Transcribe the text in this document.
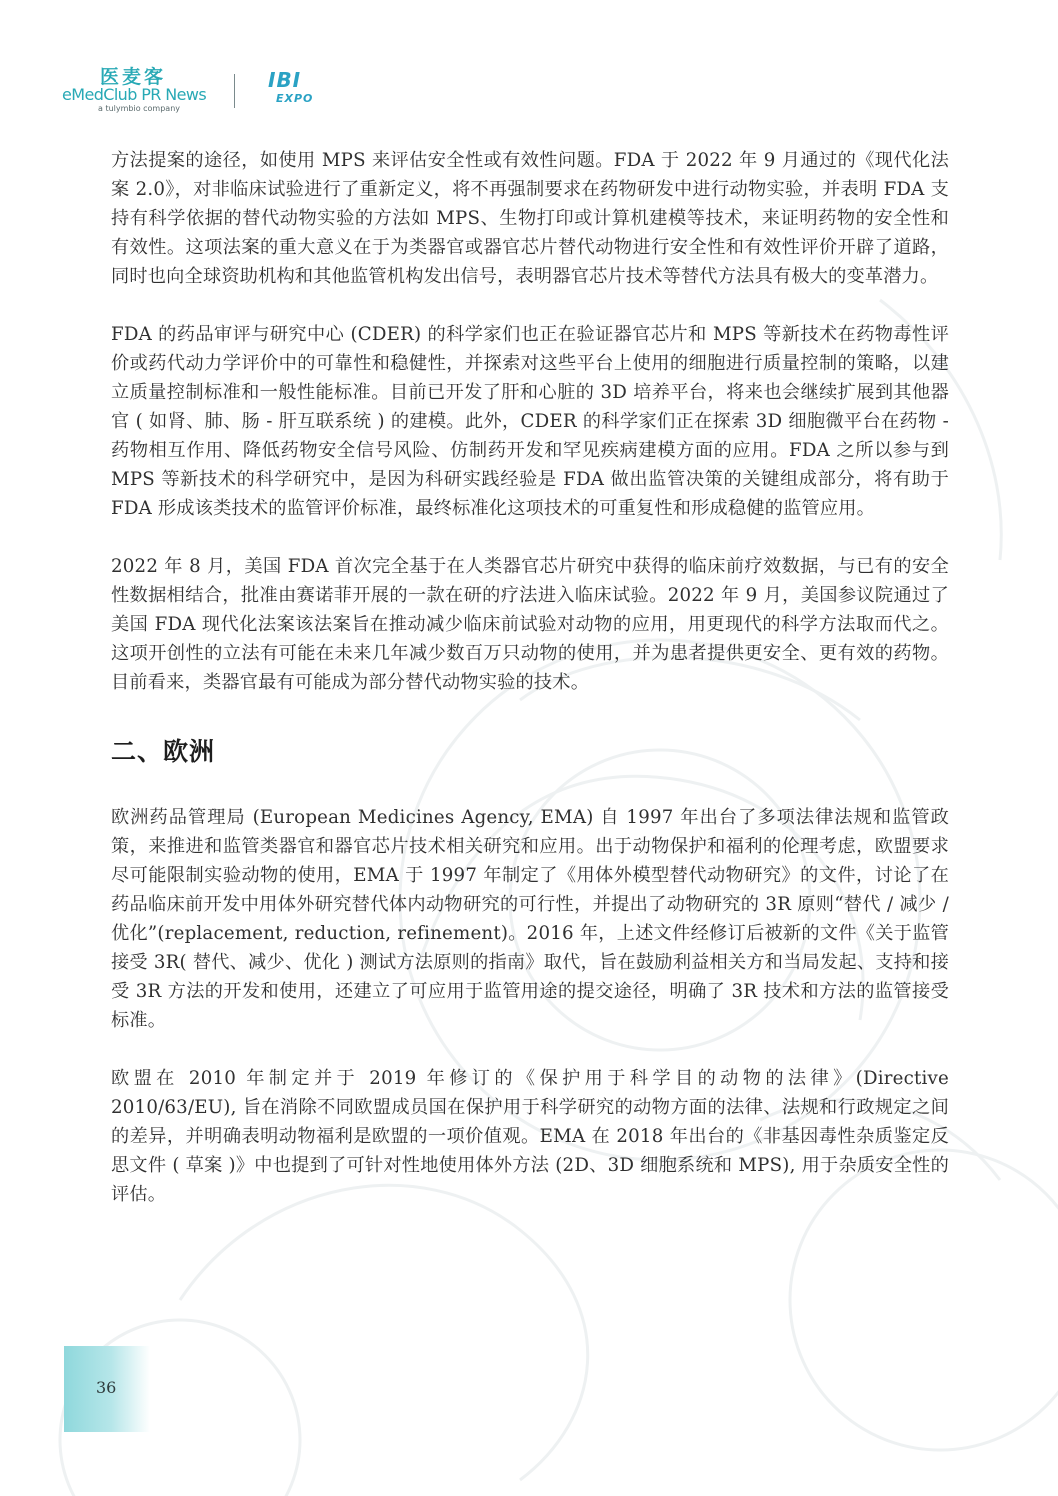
医麦客
eMedClub PR News
a tulymbio company
IBI
EXPO

方法提案的途径，如使用 MPS 来评估安全性或有效性问题。FDA 于 2022 年 9 月通过的《现代化法案 2.0》，对非临床试验进行了重新定义，将不再强制要求在药物研发中进行动物实验，并表明 FDA 支持有科学依据的替代动物实验的方法如 MPS、生物打印或计算机建模等技术，来证明药物的安全性和有效性。这项法案的重大意义在于为类器官或器官芯片替代动物进行安全性和有效性评价开辟了道路，同时也向全球资助机构和其他监管机构发出信号，表明器官芯片技术等替代方法具有极大的变革潜力。

FDA 的药品审评与研究中心 (CDER) 的科学家们也正在验证器官芯片和 MPS 等新技术在药物毒性评价或药代动力学评价中的可靠性和稳健性，并探索对这些平台上使用的细胞进行质量控制的策略，以建立质量控制标准和一般性能标准。目前已开发了肝和心脏的 3D 培养平台，将来也会继续扩展到其他器官 ( 如肾、肺、肠 - 肝互联系统 ) 的建模。此外，CDER 的科学家们正在探索 3D 细胞微平台在药物 - 药物相互作用、降低药物安全信号风险、仿制药开发和罕见疾病建模方面的应用。FDA 之所以参与到 MPS 等新技术的科学研究中，是因为科研实践经验是 FDA 做出监管决策的关键组成部分，将有助于 FDA 形成该类技术的监管评价标准，最终标准化这项技术的可重复性和形成稳健的监管应用。

2022 年 8 月，美国 FDA 首次完全基于在人类器官芯片研究中获得的临床前疗效数据，与已有的安全性数据相结合，批准由赛诺菲开展的一款在研的疗法进入临床试验。2022 年 9 月，美国参议院通过了美国 FDA 现代化法案该法案旨在推动减少临床前试验对动物的应用，用更现代的科学方法取而代之。这项开创性的立法有可能在未来几年减少数百万只动物的使用，并为患者提供更安全、更有效的药物。目前看来，类器官最有可能成为部分替代动物实验的技术。

二、欧洲

欧洲药品管理局 (European Medicines Agency, EMA) 自 1997 年出台了多项法律法规和监管政策，来推进和监管类器官和器官芯片技术相关研究和应用。出于动物保护和福利的伦理考虑，欧盟要求尽可能限制实验动物的使用，EMA 于 1997 年制定了《用体外模型替代动物研究》的文件，讨论了在药品临床前开发中用体外研究替代体内动物研究的可行性，并提出了动物研究的 3R 原则“替代 / 减少 / 优化”(replacement, reduction, refinement)。2016 年，上述文件经修订后被新的文件《关于监管接受 3R( 替代、减少、优化 ) 测试方法原则的指南》取代，旨在鼓励利益相关方和当局发起、支持和接受 3R 方法的开发和使用，还建立了可应用于监管用途的提交途径，明确了 3R 技术和方法的监管接受标准。

欧盟在 2010 年制定并于 2019 年修订的《保护用于科学目的动物的法律》(Directive 2010/63/EU), 旨在消除不同欧盟成员国在保护用于科学研究的动物方面的法律、法规和行政规定之间的差异，并明确表明动物福利是欧盟的一项价值观。EMA 在 2018 年出台的《非基因毒性杂质鉴定反思文件 ( 草案 )》中也提到了可针对性地使用体外方法 (2D、3D 细胞系统和 MPS), 用于杂质安全性的评估。

36
